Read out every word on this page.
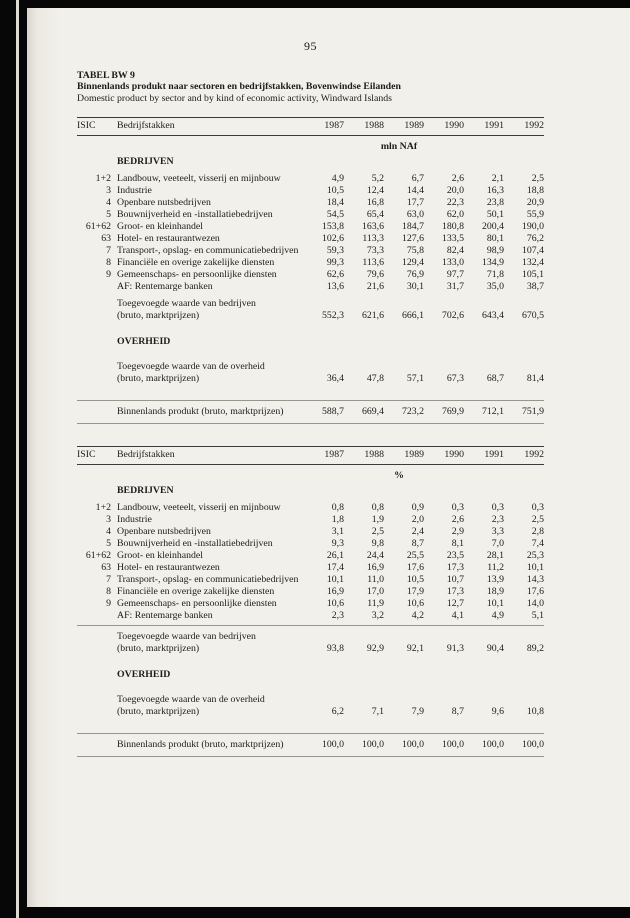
95
TABEL BW 9
Binnenlands produkt naar sectoren en bedrijfstakken, Bovenwindse Eilanden
Domestic product by sector and by kind of economic activity, Windward Islands
ISIC	Bedrijfstakken	1987	1988	1989	1990	1991	1992
mln NAf
BEDRIJVEN
1+2 Landbouw, veeteelt, visserij en mijnbouw	4,9	5,2	6,7	2,6	2,1	2,5
3 Industrie	10,5	12,4	14,4	20,0	16,3	18,8
4 Openbare nutsbedrijven	18,4	16,8	17,7	22,3	23,8	20,9
5 Bouwnijverheid en -installatiebedrijven	54,5	65,4	63,0	62,0	50,1	55,9
61+62 Groot- en kleinhandel	153,8	163,6	184,7	180,8	200,4	190,0
63 Hotel- en restaurantwezen	102,6	113,3	127,6	133,5	80,1	76,2
7 Transport-, opslag- en communicatiebedrijven	59,3	73,3	75,8	82,4	98,9	107,4
8 Financiële en overige zakelijke diensten	99,3	113,6	129,4	133,0	134,9	132,4
9 Gemeenschaps- en persoonlijke diensten	62,6	79,6	76,9	97,7	71,8	105,1
AF: Rentemarge banken	13,6	21,6	30,1	31,7	35,0	38,7
Toegevoegde waarde van bedrijven
(bruto, marktprijzen)	552,3	621,6	666,1	702,6	643,4	670,5
OVERHEID
Toegevoegde waarde van de overheid
(bruto, marktprijzen)	36,4	47,8	57,1	67,3	68,7	81,4
Binnenlands produkt (bruto, marktprijzen)	588,7	669,4	723,2	769,9	712,1	751,9
ISIC	Bedrijfstakken	1987	1988	1989	1990	1991	1992
%
BEDRIJVEN
1+2 Landbouw, veeteelt, visserij en mijnbouw	0,8	0,8	0,9	0,3	0,3	0,3
3 Industrie	1,8	1,9	2,0	2,6	2,3	2,5
4 Openbare nutsbedrijven	3,1	2,5	2,4	2,9	3,3	2,8
5 Bouwnijverheid en -installatiebedrijven	9,3	9,8	8,7	8,1	7,0	7,4
61+62 Groot- en kleinhandel	26,1	24,4	25,5	23,5	28,1	25,3
63 Hotel- en restaurantwezen	17,4	16,9	17,6	17,3	11,2	10,1
7 Transport-, opslag- en communicatiebedrijven	10,1	11,0	10,5	10,7	13,9	14,3
8 Financiële en overige zakelijke diensten	16,9	17,0	17,9	17,3	18,9	17,6
9 Gemeenschaps- en persoonlijke diensten	10,6	11,9	10,6	12,7	10,1	14,0
AF: Rentemarge banken	2,3	3,2	4,2	4,1	4,9	5,1
Toegevoegde waarde van bedrijven
(bruto, marktprijzen)	93,8	92,9	92,1	91,3	90,4	89,2
OVERHEID
Toegevoegde waarde van de overheid
(bruto, marktprijzen)	6,2	7,1	7,9	8,7	9,6	10,8
Binnenlands produkt (bruto, marktprijzen)	100,0	100,0	100,0	100,0	100,0	100,0
